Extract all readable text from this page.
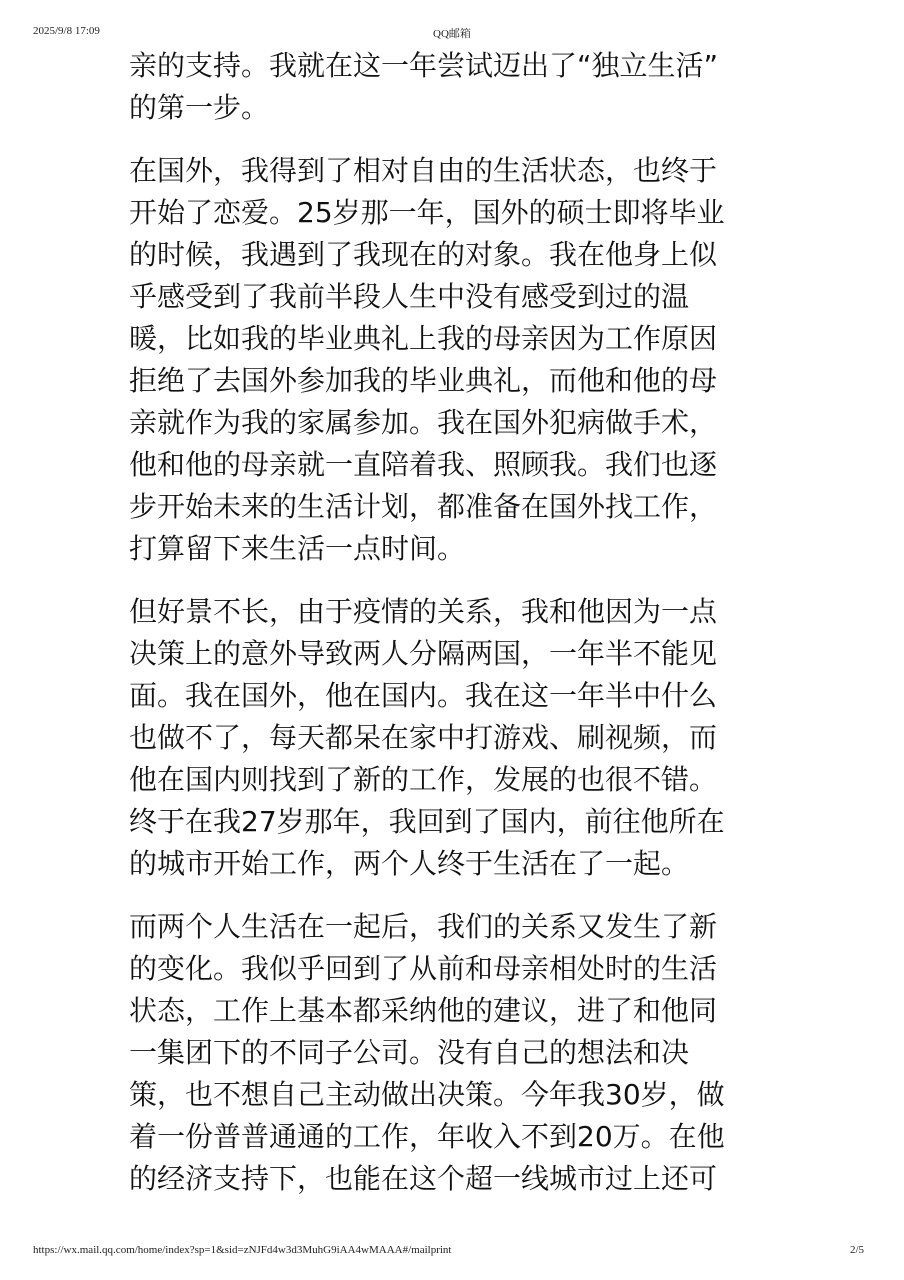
2025/9/8 17:09	QQ邮箱

亲的支持。我就在这一年尝试迈出了“独立生活”
的第一步。

在国外，我得到了相对自由的生活状态，也终于
开始了恋爱。25岁那一年，国外的硕士即将毕业
的时候，我遇到了我现在的对象。我在他身上似
乎感受到了我前半段人生中没有感受到过的温
暖，比如我的毕业典礼上我的母亲因为工作原因
拒绝了去国外参加我的毕业典礼，而他和他的母
亲就作为我的家属参加。我在国外犯病做手术，
他和他的母亲就一直陪着我、照顾我。我们也逐
步开始未来的生活计划，都准备在国外找工作，
打算留下来生活一点时间。

但好景不长，由于疫情的关系，我和他因为一点
决策上的意外导致两人分隔两国，一年半不能见
面。我在国外，他在国内。我在这一年半中什么
也做不了，每天都呆在家中打游戏、刷视频，而
他在国内则找到了新的工作，发展的也很不错。
终于在我27岁那年，我回到了国内，前往他所在
的城市开始工作，两个人终于生活在了一起。

而两个人生活在一起后，我们的关系又发生了新
的变化。我似乎回到了从前和母亲相处时的生活
状态，工作上基本都采纳他的建议，进了和他同
一集团下的不同子公司。没有自己的想法和决
策，也不想自己主动做出决策。今年我30岁，做
着一份普普通通的工作，年收入不到20万。在他
的经济支持下，也能在这个超一线城市过上还可

https://wx.mail.qq.com/home/index?sp=1&sid=zNJFd4w3d3MuhG9iAA4wMAAA#/mailprint	2/5
